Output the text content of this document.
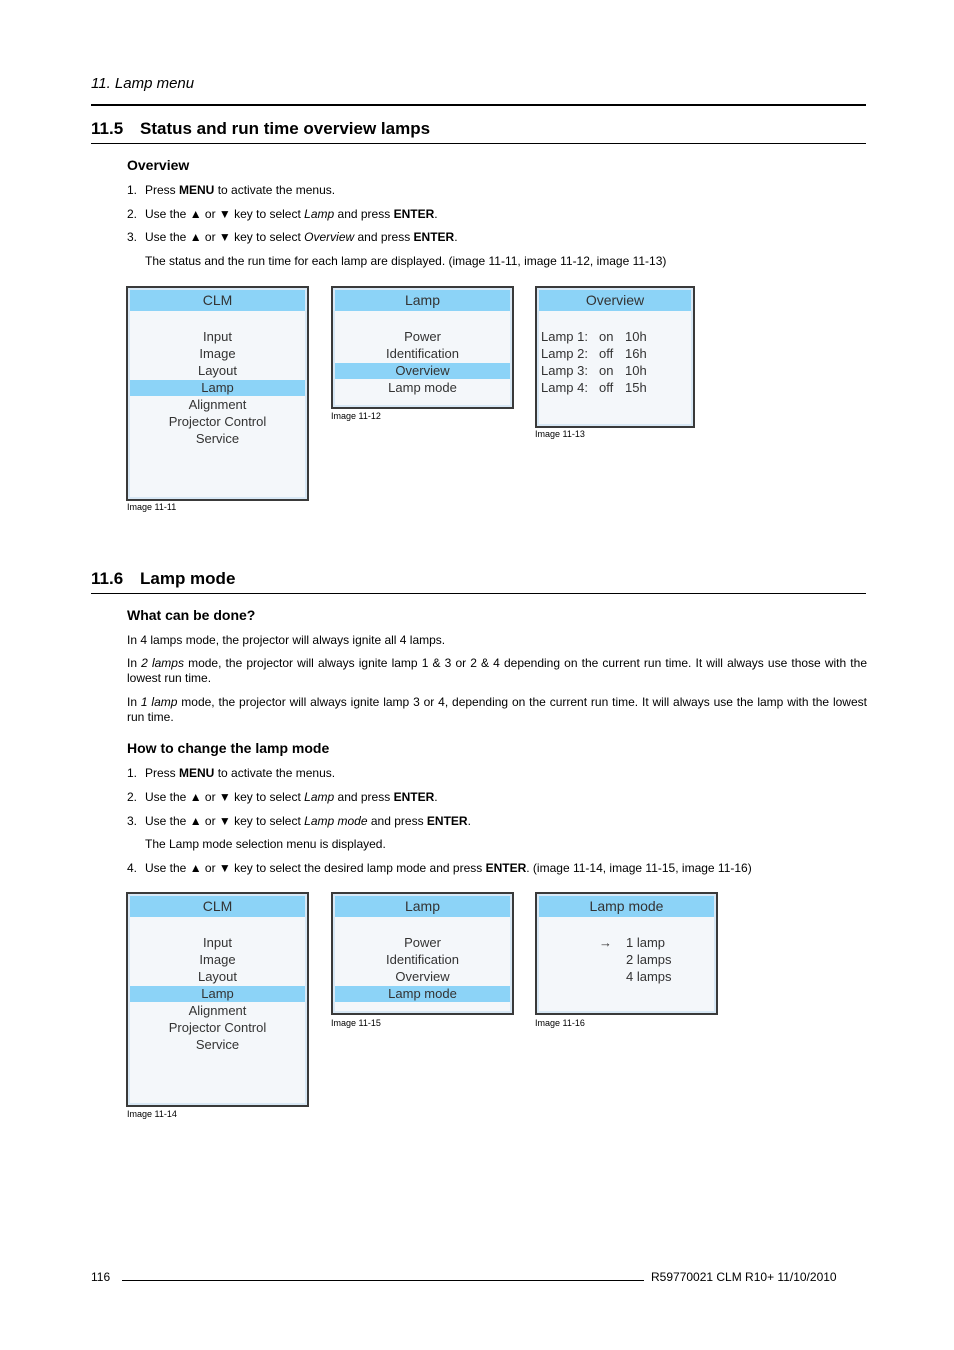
11. Lamp menu
11.5 Status and run time overview lamps
Overview
1. Press MENU to activate the menus.
2. Use the ▲ or ▼ key to select Lamp and press ENTER.
3. Use the ▲ or ▼ key to select Overview and press ENTER.
The status and the run time for each lamp are displayed. (image 11-11, image 11-12, image 11-13)
CLM
Input
Image
Layout
Lamp
Alignment
Projector Control
Service
Image 11-11
Lamp
Power
Identification
Overview
Lamp mode
Image 11-12
Overview
Lamp 1: on 10h
Lamp 2: off 16h
Lamp 3: on 10h
Lamp 4: off 15h
Image 11-13
11.6 Lamp mode
What can be done?
In 4 lamps mode, the projector will always ignite all 4 lamps.
In 2 lamps mode, the projector will always ignite lamp 1 & 3 or 2 & 4 depending on the current run time. It will always use those with the lowest run time.
In 1 lamp mode, the projector will always ignite lamp 3 or 4, depending on the current run time. It will always use the lamp with the lowest run time.
How to change the lamp mode
1. Press MENU to activate the menus.
2. Use the ▲ or ▼ key to select Lamp and press ENTER.
3. Use the ▲ or ▼ key to select Lamp mode and press ENTER.
The Lamp mode selection menu is displayed.
4. Use the ▲ or ▼ key to select the desired lamp mode and press ENTER. (image 11-14, image 11-15, image 11-16)
CLM
Input
Image
Layout
Lamp
Alignment
Projector Control
Service
Image 11-14
Lamp
Power
Identification
Overview
Lamp mode
Image 11-15
Lamp mode
→ 1 lamp
2 lamps
4 lamps
Image 11-16
116	R59770021 CLM R10+ 11/10/2010
